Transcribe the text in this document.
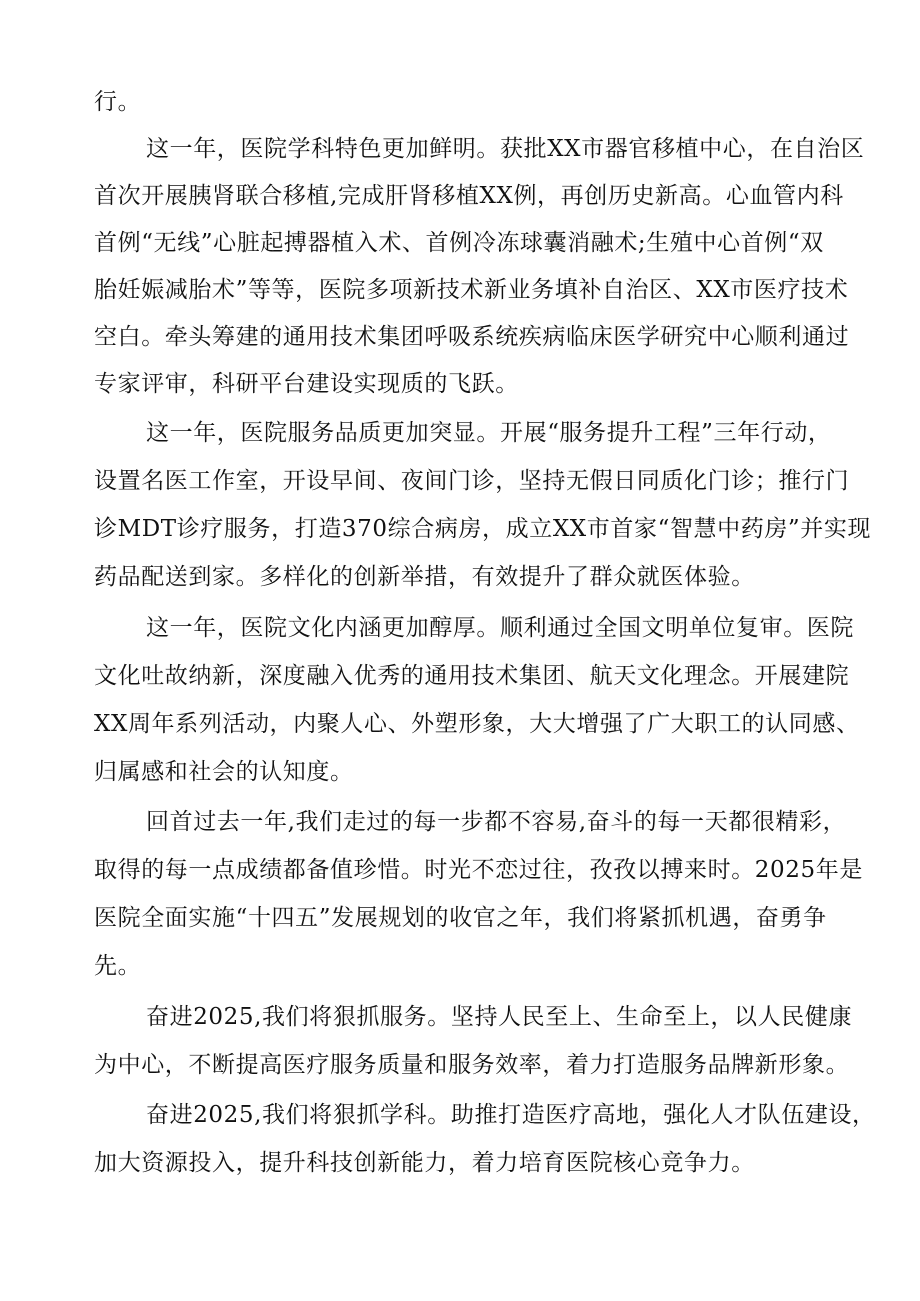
行。
这一年，医院学科特色更加鲜明。获批XX市器官移植中心，在自治区
首次开展胰肾联合移植,完成肝肾移植XX例，再创历史新高。心血管内科
首例“无线”心脏起搏器植入术、首例冷冻球囊消融术;生殖中心首例“双
胎妊娠减胎术”等等，医院多项新技术新业务填补自治区、XX市医疗技术
空白。牵头筹建的通用技术集团呼吸系统疾病临床医学研究中心顺利通过
专家评审，科研平台建设实现质的飞跃。
这一年，医院服务品质更加突显。开展“服务提升工程”三年行动，
设置名医工作室，开设早间、夜间门诊，坚持无假日同质化门诊；推行门
诊MDT诊疗服务，打造370综合病房，成立XX市首家“智慧中药房”并实现
药品配送到家。多样化的创新举措，有效提升了群众就医体验。
这一年，医院文化内涵更加醇厚。顺利通过全国文明单位复审。医院
文化吐故纳新，深度融入优秀的通用技术集团、航天文化理念。开展建院
XX周年系列活动，内聚人心、外塑形象，大大增强了广大职工的认同感、
归属感和社会的认知度。
回首过去一年,我们走过的每一步都不容易,奋斗的每一天都很精彩，
取得的每一点成绩都备值珍惜。时光不恋过往，孜孜以搏来时。2025年是
医院全面实施“十四五”发展规划的收官之年，我们将紧抓机遇，奋勇争
先。
奋进2025,我们将狠抓服务。坚持人民至上、生命至上，以人民健康
为中心，不断提高医疗服务质量和服务效率，着力打造服务品牌新形象。
奋进2025,我们将狠抓学科。助推打造医疗高地，强化人才队伍建设，
加大资源投入，提升科技创新能力，着力培育医院核心竞争力。
